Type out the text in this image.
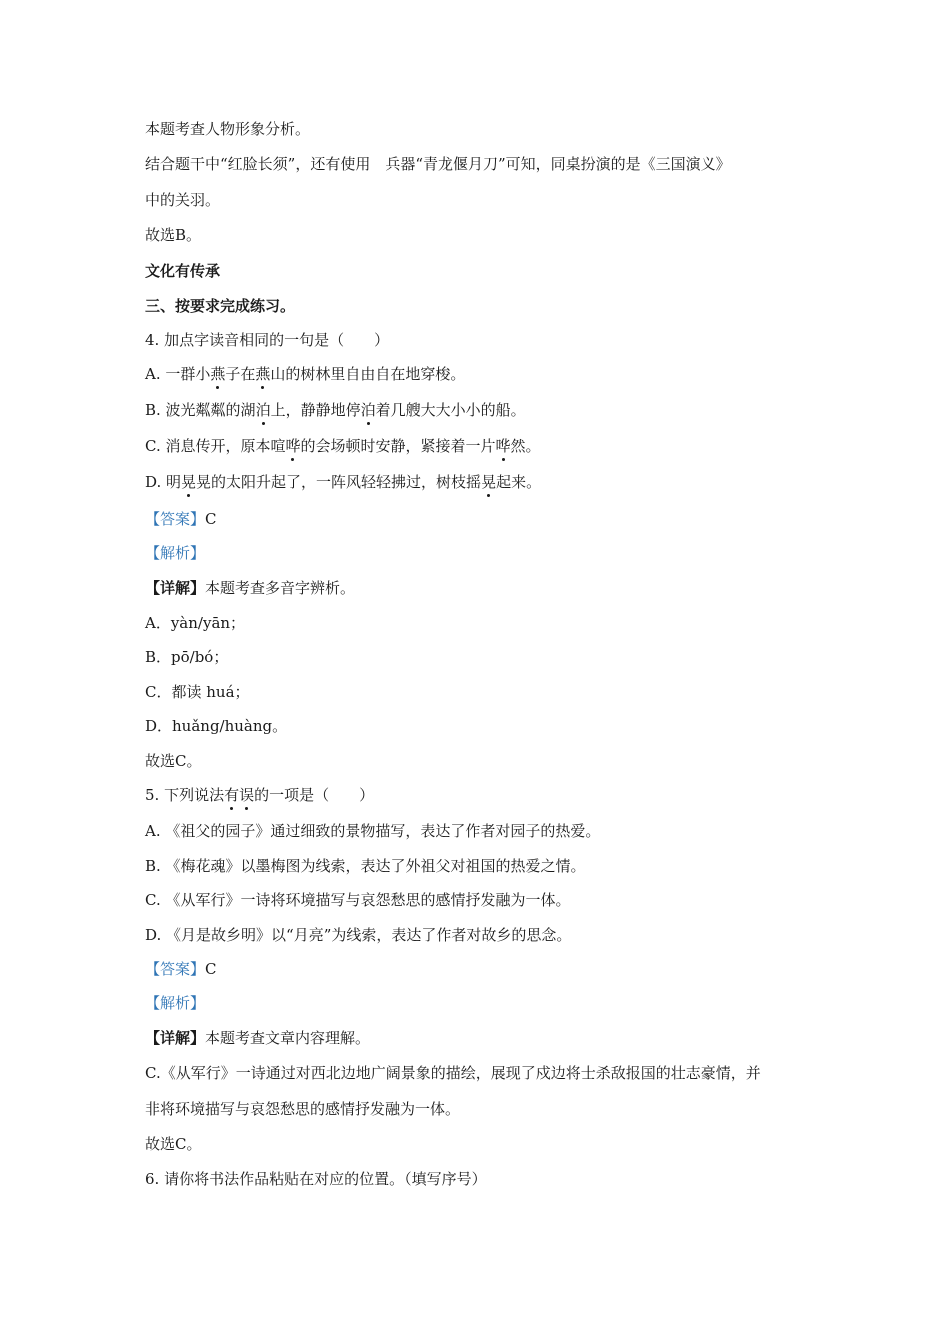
本题考查人物形象分析。
结合题干中“红脸长须”，还有使用　兵器“青龙偃月刀”可知，同桌扮演的是《三国演义》
中的关羽。
故选B。
文化有传承
三、按要求完成练习。
4. 加点字读音相同的一句是（　　）
A. 一群小燕子在燕山的树林里自由自在地穿梭。
B. 波光粼粼的湖泊上，静静地停泊着几艘大大小小的船。
C. 消息传开，原本喧哗的会场顿时安静，紧接着一片哗然。
D. 明晃晃的太阳升起了，一阵风轻轻拂过，树枝摇晃起来。
【答案】C
【解析】
【详解】本题考查多音字辨析。
A．yàn/yān；
B．pō/bó；
C．都读 huá；
D．huǎng/huàng。
故选C。
5. 下列说法有误的一项是（　　）
A. 《祖父的园子》通过细致的景物描写，表达了作者对园子的热爱。
B. 《梅花魂》以墨梅图为线索，表达了外祖父对祖国的热爱之情。
C. 《从军行》一诗将环境描写与哀怨愁思的感情抒发融为一体。
D. 《月是故乡明》以“月亮”为线索，表达了作者对故乡的思念。
【答案】C
【解析】
【详解】本题考查文章内容理解。
C.《从军行》一诗通过对西北边地广阔景象的描绘，展现了戍边将士杀敌报国的壮志豪情，并
非将环境描写与哀怨愁思的感情抒发融为一体。
故选C。
6. 请你将书法作品粘贴在对应的位置。（填写序号）
